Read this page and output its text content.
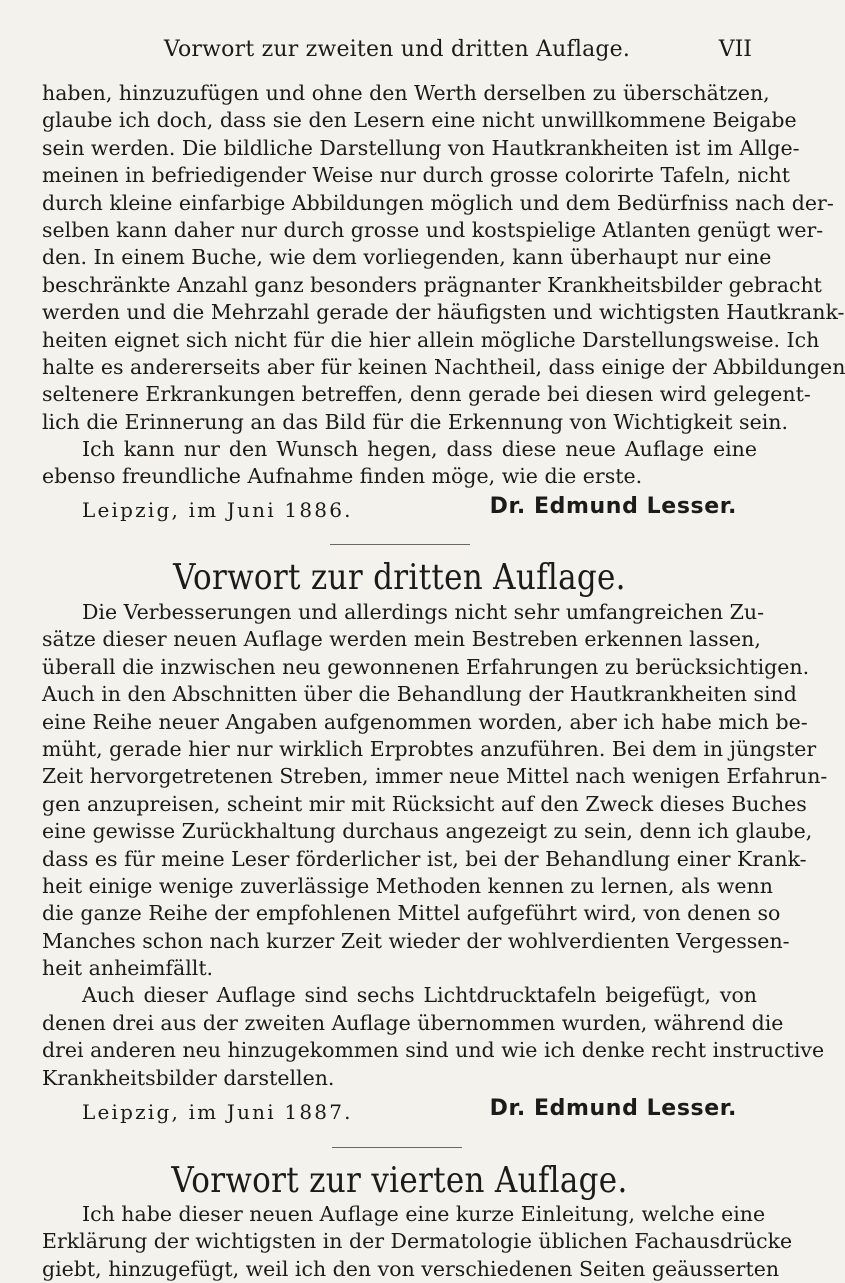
Vorwort zur zweiten und dritten Auflage.	VII
haben, hinzuzufügen und ohne den Werth derselben zu überschätzen,
glaube ich doch, dass sie den Lesern eine nicht unwillkommene Beigabe
sein werden. Die bildliche Darstellung von Hautkrankheiten ist im Allge-
meinen in befriedigender Weise nur durch grosse colorirte Tafeln, nicht
durch kleine einfarbige Abbildungen möglich und dem Bedürfniss nach der-
selben kann daher nur durch grosse und kostspielige Atlanten genügt wer-
den. In einem Buche, wie dem vorliegenden, kann überhaupt nur eine
beschränkte Anzahl ganz besonders prägnanter Krankheitsbilder gebracht
werden und die Mehrzahl gerade der häufigsten und wichtigsten Hautkrank-
heiten eignet sich nicht für die hier allein mögliche Darstellungsweise. Ich
halte es andererseits aber für keinen Nachtheil, dass einige der Abbildungen
seltenere Erkrankungen betreffen, denn gerade bei diesen wird gelegent-
lich die Erinnerung an das Bild für die Erkennung von Wichtigkeit sein.
Ich kann nur den Wunsch hegen, dass diese neue Auflage eine
ebenso freundliche Aufnahme finden möge, wie die erste.
Leipzig, im Juni 1886.	Dr. Edmund Lesser.
Vorwort zur dritten Auflage.
Die Verbesserungen und allerdings nicht sehr umfangreichen Zu-
sätze dieser neuen Auflage werden mein Bestreben erkennen lassen,
überall die inzwischen neu gewonnenen Erfahrungen zu berücksichtigen.
Auch in den Abschnitten über die Behandlung der Hautkrankheiten sind
eine Reihe neuer Angaben aufgenommen worden, aber ich habe mich be-
müht, gerade hier nur wirklich Erprobtes anzuführen. Bei dem in jüngster
Zeit hervorgetretenen Streben, immer neue Mittel nach wenigen Erfahrun-
gen anzupreisen, scheint mir mit Rücksicht auf den Zweck dieses Buches
eine gewisse Zurückhaltung durchaus angezeigt zu sein, denn ich glaube,
dass es für meine Leser förderlicher ist, bei der Behandlung einer Krank-
heit einige wenige zuverlässige Methoden kennen zu lernen, als wenn
die ganze Reihe der empfohlenen Mittel aufgeführt wird, von denen so
Manches schon nach kurzer Zeit wieder der wohlverdienten Vergessen-
heit anheimfällt.
Auch dieser Auflage sind sechs Lichtdrucktafeln beigefügt, von
denen drei aus der zweiten Auflage übernommen wurden, während die
drei anderen neu hinzugekommen sind und wie ich denke recht instructive
Krankheitsbilder darstellen.
Leipzig, im Juni 1887.	Dr. Edmund Lesser.
Vorwort zur vierten Auflage.
Ich habe dieser neuen Auflage eine kurze Einleitung, welche eine
Erklärung der wichtigsten in der Dermatologie üblichen Fachausdrücke
giebt, hinzugefügt, weil ich den von verschiedenen Seiten geäusserten
